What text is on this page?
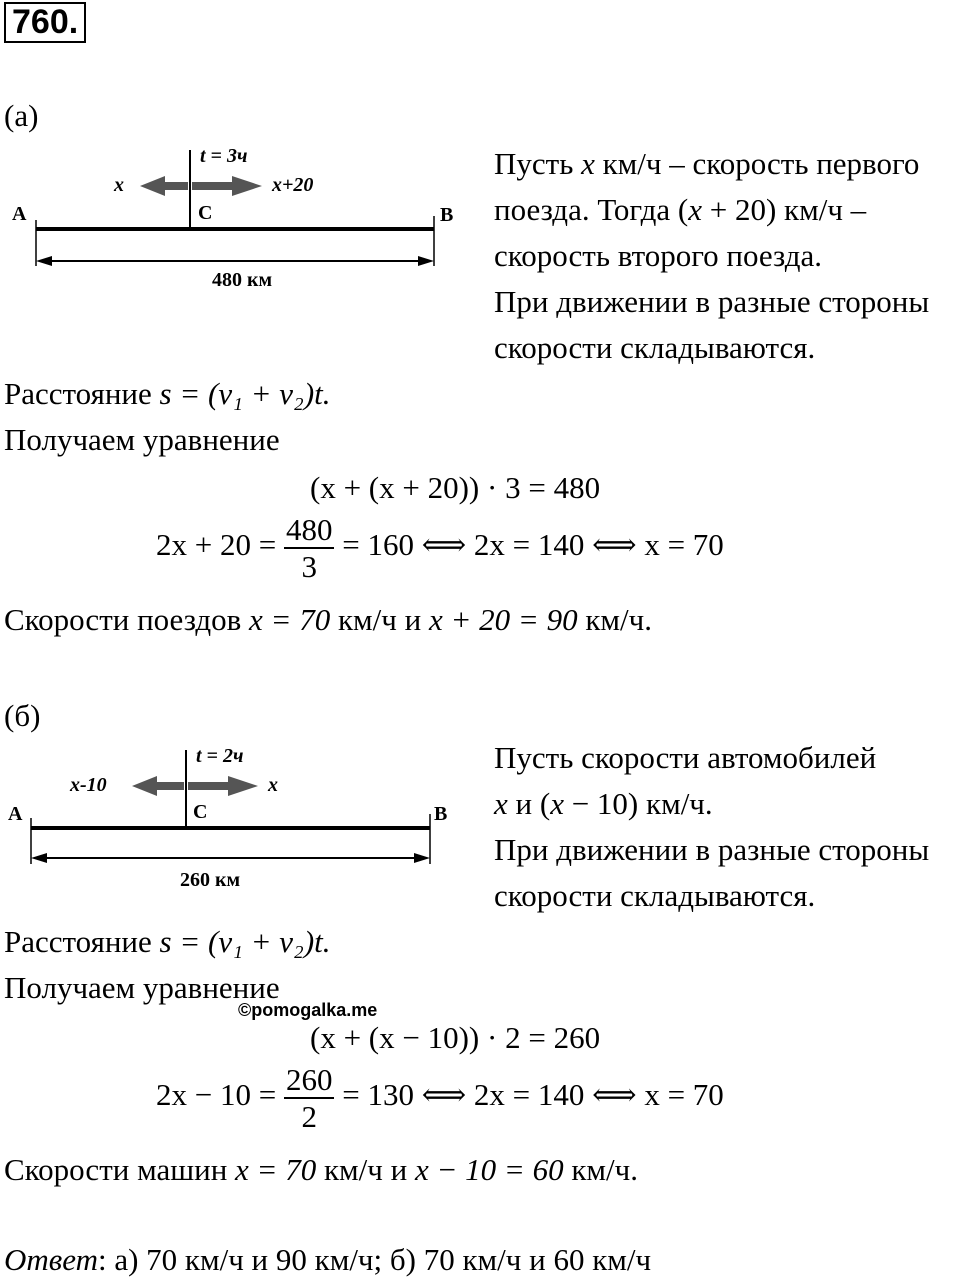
760.
(а)
t = 3ч
x	x+20
A	C	B
480 км
Пусть x км/ч – скорость первого
поезда. Тогда (x + 20) км/ч –
скорость второго поезда.
При движении в разные стороны
скорости складываются.
Расстояние s = (v₁ + v₂)t.
Получаем уравнение
(x + (x + 20)) · 3 = 480
$2x + 20 = \frac{480}{3} = 160$ ⟺ 2x = 140 ⟺ x = 70
Скорости поездов x = 70 км/ч и x + 20 = 90 км/ч.
(б)
t = 2ч
x-10	x
A	C	B
260 км
Пусть скорости автомобилей
x и (x − 10) км/ч.
При движении в разные стороны
скорости складываются.
Расстояние s = (v₁ + v₂)t.
Получаем уравнение
©pomogalka.me
(x + (x − 10)) · 2 = 260
$2x - 10 = \frac{260}{2} = 130$ ⟺ 2x = 140 ⟺ x = 70
Скорости машин x = 70 км/ч и x − 10 = 60 км/ч.
Ответ: а) 70 км/ч и 90 км/ч; б) 70 км/ч и 60 км/ч
